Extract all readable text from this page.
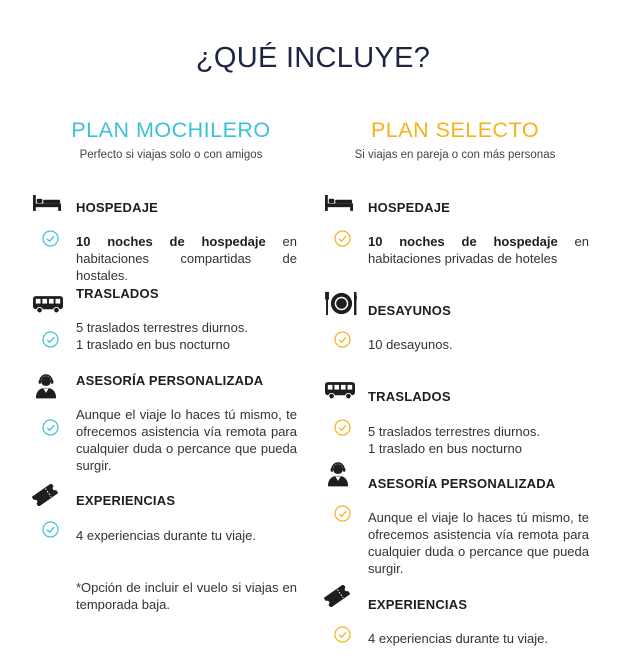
¿QUÉ INCLUYE?
PLAN MOCHILERO
Perfecto si viajas solo o con amigos
HOSPEDAJE
10 noches de hospedaje en habitaciones compartidas de hostales.
TRASLADOS
5 traslados terrestres diurnos.
1 traslado en bus nocturno
ASESORÍA PERSONALIZADA
Aunque el viaje lo haces tú mismo, te ofrecemos asistencia vía remota para cualquier duda o percance que pueda surgir.
EXPERIENCIAS
4 experiencias durante tu viaje.
*Opción de incluir el vuelo si viajas en temporada baja.
PLAN SELECTO
Si viajas en pareja o con más personas
HOSPEDAJE
10 noches de hospedaje en habitaciones privadas de hoteles
DESAYUNOS
10 desayunos.
TRASLADOS
5 traslados terrestres diurnos.
1 traslado en bus nocturno
ASESORÍA PERSONALIZADA
Aunque el viaje lo haces tú mismo, te ofrecemos asistencia vía remota para cualquier duda o percance que pueda surgir.
EXPERIENCIAS
4 experiencias durante tu viaje.
